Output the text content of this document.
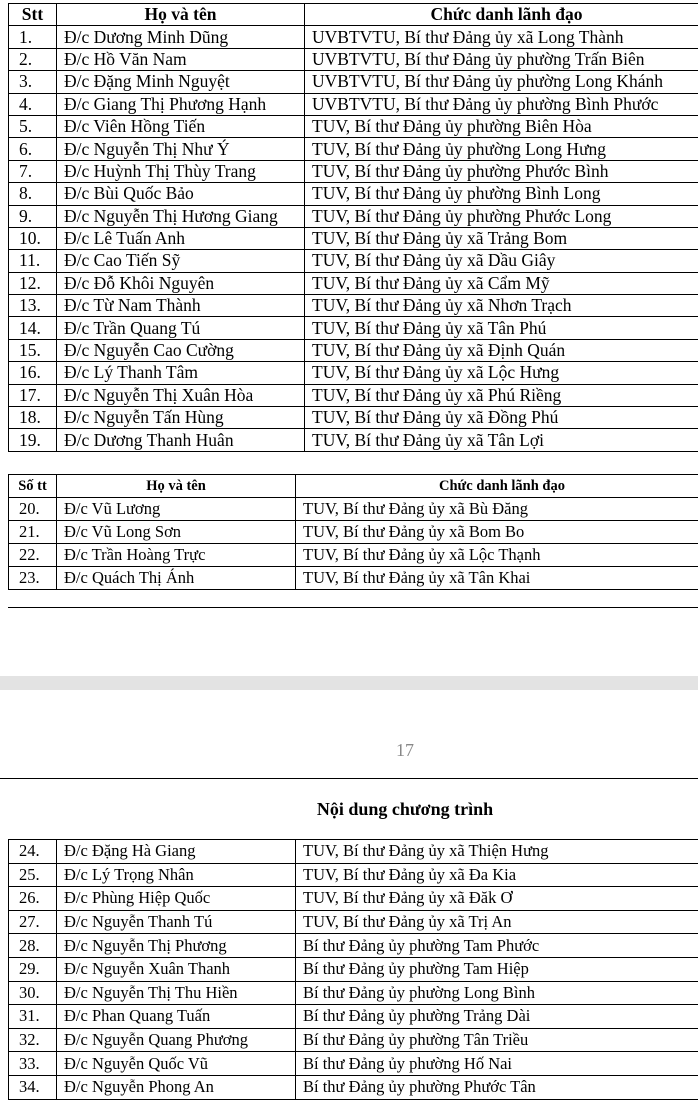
Stt	Họ và tên	Chức danh lãnh đạo
1.	Đ/c Dương Minh Dũng	UVBTVTU, Bí thư Đảng ủy xã Long Thành
2.	Đ/c Hồ Văn Nam	UVBTVTU, Bí thư Đảng ủy phường Trấn Biên
3.	Đ/c Đặng Minh Nguyệt	UVBTVTU, Bí thư Đảng ủy phường Long Khánh
4.	Đ/c Giang Thị Phương Hạnh	UVBTVTU, Bí thư Đảng ủy phường Bình Phước
5.	Đ/c Viên Hồng Tiến	TUV, Bí thư Đảng ủy phường Biên Hòa
6.	Đ/c Nguyễn Thị Như Ý	TUV, Bí thư Đảng ủy phường Long Hưng
7.	Đ/c Huỳnh Thị Thùy Trang	TUV, Bí thư Đảng ủy phường Phước Bình
8.	Đ/c Bùi Quốc Bảo	TUV, Bí thư Đảng ủy phường Bình Long
9.	Đ/c Nguyễn Thị Hương Giang	TUV, Bí thư Đảng ủy phường Phước Long
10.	Đ/c Lê Tuấn Anh	TUV, Bí thư Đảng ủy xã Trảng Bom
11.	Đ/c Cao Tiến Sỹ	TUV, Bí thư Đảng ủy xã Dầu Giây
12.	Đ/c Đỗ Khôi Nguyên	TUV, Bí thư Đảng ủy xã Cẩm Mỹ
13.	Đ/c Từ Nam Thành	TUV, Bí thư Đảng ủy xã Nhơn Trạch
14.	Đ/c Trần Quang Tú	TUV, Bí thư Đảng ủy xã Tân Phú
15.	Đ/c Nguyễn Cao Cường	TUV, Bí thư Đảng ủy xã Định Quán
16.	Đ/c Lý Thanh Tâm	TUV, Bí thư Đảng ủy xã Lộc Hưng
17.	Đ/c Nguyễn Thị Xuân Hòa	TUV, Bí thư Đảng ủy xã Phú Riềng
18.	Đ/c Nguyễn Tấn Hùng	TUV, Bí thư Đảng ủy xã Đồng Phú
19.	Đ/c Dương Thanh Huân	TUV, Bí thư Đảng ủy xã Tân Lợi
Số tt	Họ và tên	Chức danh lãnh đạo
20.	Đ/c Vũ Lương	TUV, Bí thư Đảng ủy xã Bù Đăng
21.	Đ/c Vũ Long Sơn	TUV, Bí thư Đảng ủy xã Bom Bo
22.	Đ/c Trần Hoàng Trực	TUV, Bí thư Đảng ủy xã Lộc Thạnh
23.	Đ/c Quách Thị Ánh	TUV, Bí thư Đảng ủy xã Tân Khai
17
Nội dung chương trình
24.	Đ/c Đặng Hà Giang	TUV, Bí thư Đảng ủy xã Thiện Hưng
25.	Đ/c Lý Trọng Nhân	TUV, Bí thư Đảng ủy xã Đa Kia
26.	Đ/c Phùng Hiệp Quốc	TUV, Bí thư Đảng ủy xã Đăk Ơ
27.	Đ/c Nguyễn Thanh Tú	TUV, Bí thư Đảng ủy xã Trị An
28.	Đ/c Nguyễn Thị Phương	Bí thư Đảng ủy phường Tam Phước
29.	Đ/c Nguyễn Xuân Thanh	Bí thư Đảng ủy phường Tam Hiệp
30.	Đ/c Nguyễn Thị Thu Hiền	Bí thư Đảng ủy phường Long Bình
31.	Đ/c Phan Quang Tuấn	Bí thư Đảng ủy phường Trảng Dài
32.	Đ/c Nguyễn Quang Phương	Bí thư Đảng ủy phường Tân Triều
33.	Đ/c Nguyễn Quốc Vũ	Bí thư Đảng ủy phường Hố Nai
34.	Đ/c Nguyễn Phong An	Bí thư Đảng ủy phường Phước Tân
